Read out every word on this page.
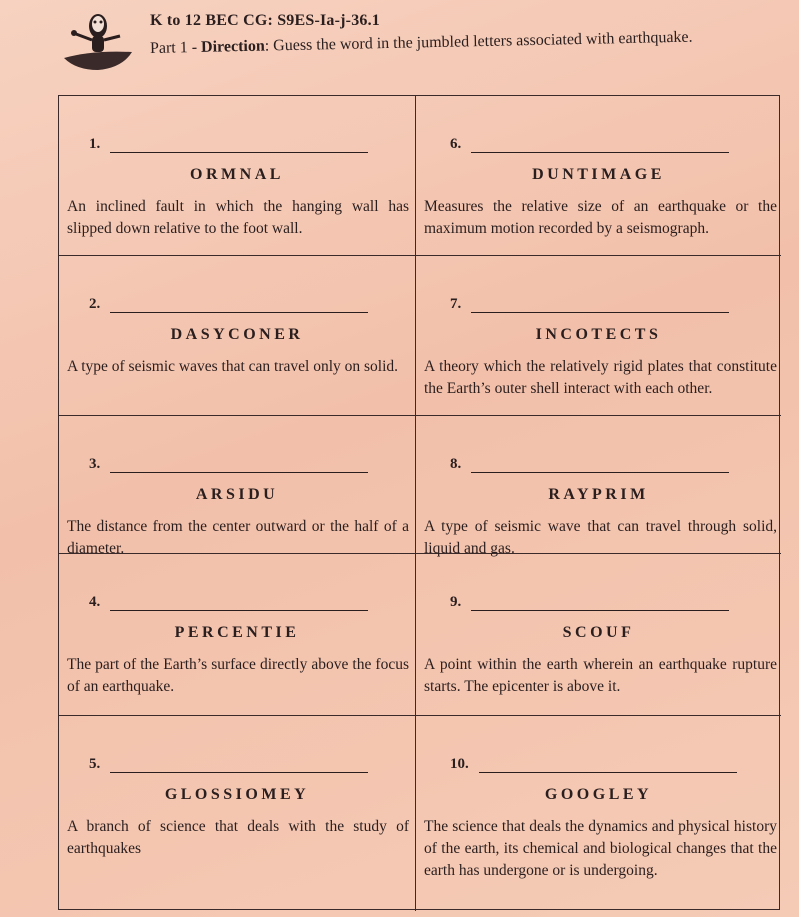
K to 12 BEC CG: S9ES-Ia-j-36.1
Part 1 - Direction: Guess the word in the jumbled letters associated with earthquake.
1.
ORMNAL
An inclined fault in which the hanging wall has slipped down relative to the foot wall.
6.
DUNTIMAGE
Measures the relative size of an earthquake or the maximum motion recorded by a seismograph.
2.
DASYCONER
A type of seismic waves that can travel only on solid.
7.
INCOTECTS
A theory which the relatively rigid plates that constitute the Earth’s outer shell interact with each other.
3.
ARSIDU
The distance from the center outward or the half of a diameter.
8.
RAYPRIM
A type of seismic wave that can travel through solid, liquid and gas.
4.
PERCENTIE
The part of the Earth’s surface directly above the focus of an earthquake.
9.
SCOUF
A point within the earth wherein an earthquake rupture starts. The epicenter is above it.
5.
GLOSSIOMEY
A branch of science that deals with the study of earthquakes
10.
GOOGLEY
The science that deals the dynamics and physical history of the earth, its chemical and biological changes that the earth has undergone or is undergoing.
